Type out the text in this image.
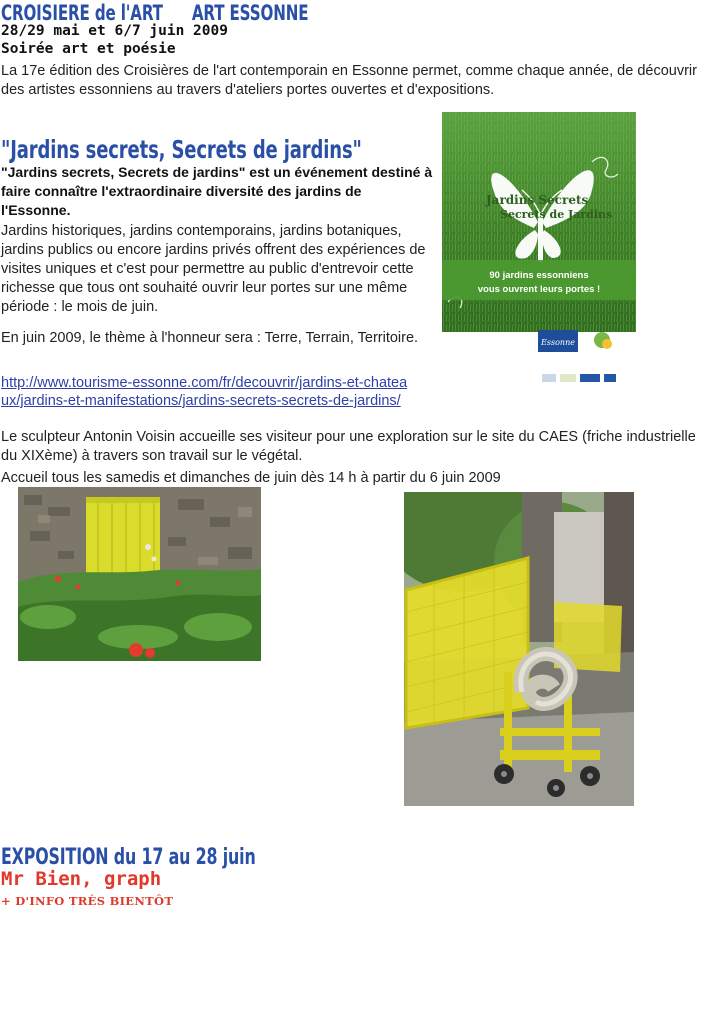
CROISIERE de l'ART ART ESSONNE
28/29 mai et 6/7 juin 2009
Soirée art et poésie
La 17e édition des Croisières de l'art contemporain en Essonne permet, comme chaque année, de découvrir des artistes essonniens au travers d'ateliers portes ouvertes et d'expositions.
"Jardins secrets, Secrets de jardins"
"Jardins secrets, Secrets de jardins" est un événement destiné à faire connaître l'extraordinaire diversité des jardins de l'Essonne.
Jardins historiques, jardins contemporains, jardins botaniques, jardins publics ou encore jardins privés offrent des expériences de visites uniques et c'est pour permettre au public d'entrevoir cette richesse que tous ont souhaité ouvrir leur portes sur une même période : le mois de juin.
En juin 2009, le thème à l'honneur sera : Terre, Terrain, Territoire.
http://www.tourisme-essonne.com/fr/decouvrir/jardins-et-chateaux/jardins-et-manifestations/jardins-secrets-secrets-de-jardins/
Le sculpteur Antonin Voisin accueille ses visiteur pour une exploration sur le site du CAES (friche industrielle du XIXème) à travers son travail sur le végétal.
Accueil tous les samedis et dimanches de juin dès 14 h à partir du 6 juin 2009
Jardins Secrets
Secrets de Jardins
90 jardins essonniens
vous ouvrent leurs portes !
Essonne
EXPOSITION du 17 au 28 juin
Mr Bien, graph
+ D'INFO TRÈS BIENTÔT
